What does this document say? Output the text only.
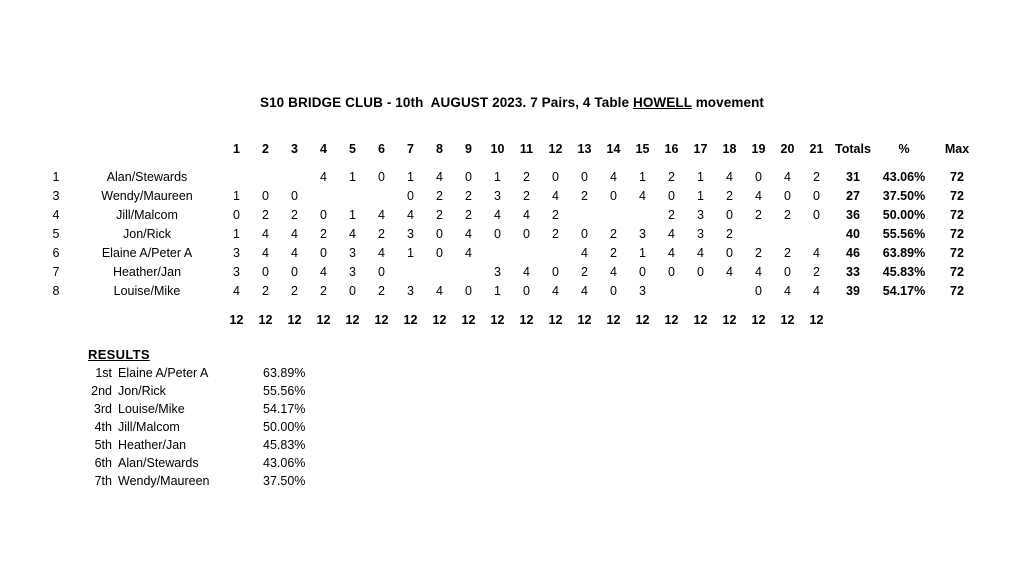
S10 BRIDGE CLUB - 10th  AUGUST 2023. 7 Pairs, 4 Table HOWELL movement
		1	2	3	4	5	6	7	8	9	10	11	12	13	14	15	16	17	18	19	20	21	Totals	%	Max

1	Alan/Stewards				4	1	0	1	4	0	1	2	0	0	4	1	2	1	4	0	4	2	31	43.06%	72
3	Wendy/Maureen	1	0	0				0	2	2	3	2	4	2	0	4	0	1	2	4	0	0	27	37.50%	72
4	Jill/Malcom	0	2	2	0	1	4	4	2	2	4	4	2				2	3	0	2	2	0	36	50.00%	72
5	Jon/Rick	1	4	4	2	4	2	3	0	4	0	0	2	0	2	3	4	3	2				40	55.56%	72
6	Elaine A/Peter A	3	4	4	0	3	4	1	0	4				4	2	1	4	4	0	2	2	4	46	63.89%	72
7	Heather/Jan	3	0	0	4	3	0				3	4	0	2	4	0	0	0	4	4	0	2	33	45.83%	72
8	Louise/Mike	4	2	2	2	0	2	3	4	0	1	0	4	4	0	3				0	4	4	39	54.17%	72

		12	12	12	12	12	12	12	12	12	12	12	12	12	12	12	12	12	12	12	12	12			
RESULTS
1st Elaine A/Peter A	63.89%
2nd Jon/Rick	55.56%
3rd Louise/Mike	54.17%
4th Jill/Malcom	50.00%
5th Heather/Jan	45.83%
6th Alan/Stewards	43.06%
7th Wendy/Maureen	37.50%
